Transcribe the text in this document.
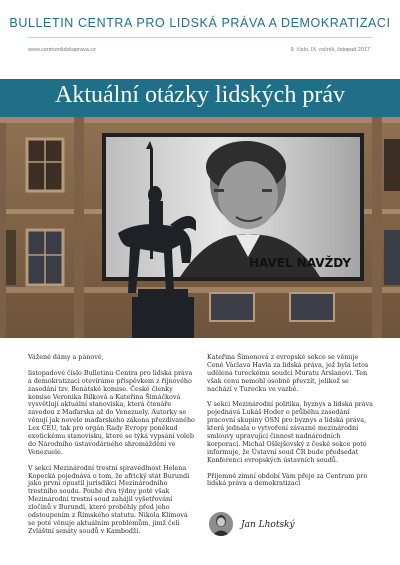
BULLETIN CENTRA PRO LIDSKÁ PRÁVA A DEMOKRATIZACI
www.centrumlidskaprava.cz	9. číslo, IX. ročník, listopad 2017
Aktuální otázky lidských práv
HAVEL NAVŽDY

Vážené dámy a pánové,

listopadové číslo Bulletinu Centra pro lidská práva a demokratizaci otevíráme příspěvkem z říjnového zasedání tzv. Benátské komise. České členky komise Veronika Bílková a Kateřina Šimáčková vysvětlují aktuální stanoviska, která čtenáře zavedou z Maďarska až do Venezuely. Autorky se věnují jak novele maďarského zákona přezdívaného Lex CEU, tak pro orgán Rady Evropy poněkud exotickému stanovisku, které se týká vypsání voleb do Národního ústavodárného shromáždění ve Venezuele.

V sekci Mezinárodní trestní spravedlnost Helena Kopecká pojednává o tom, že africký stát Burundi jako první opustil jurisdikci Mezinárodního trestního soudu. Pouhé dva týdny poté však Mezinárodní trestní soud zahájil vyšetřování zločinů v Burundi, které proběhly před jeho odstoupením z Římského statutu. Nikola Klímová se poté věnuje aktuálním problémům, jimž čelí Zvláštní senáty soudů v Kambodži.

Kateřina Šimonová z evropské sekce se věnuje Ceně Václava Havla za lidská práva, jež byla letos udělena tureckému soudci Muratu Arslanovi. Ten však cenu nemohl osobně převzít, jelikož se nachází v Turecku ve vazbě.

V sekci Mezinárodní politika, byznys a lidská práva pojednává Lukáš Hoder o průběhu zasedání pracovní skupiny OSN pro byznys a lidská práva, která jednala o vytvoření závazné mezinárodní smlouvy upravující činnost nadnárodních korporací. Michal Ošlejšovský z české sekce poté informuje, že Ústavní soud ČR bude předsedat Konferenci evropských ústavních soudů.

Příjemné zimní období Vám přeje za Centrum pro lidská práva a demokratizaci

Jan Lhotský
